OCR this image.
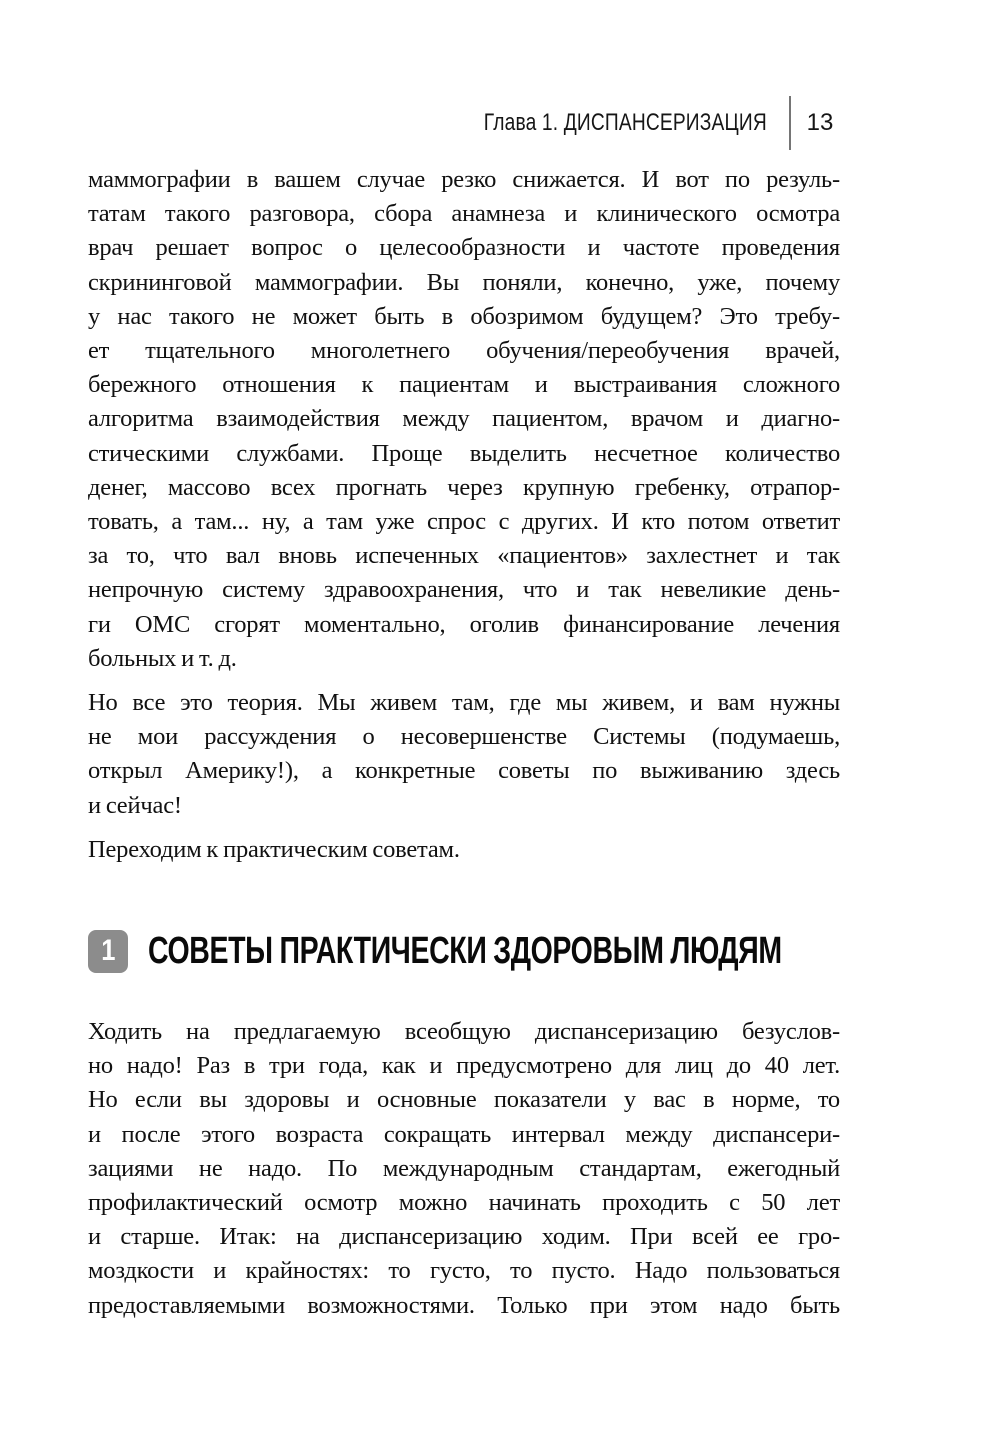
Глава 1. ДИСПАНСЕРИЗАЦИЯ	13
маммографии в вашем случае резко снижается. И вот по резуль-
татам такого разговора, сбора анамнеза и клинического осмотра
врач решает вопрос о целесообразности и частоте проведения
скрининговой маммографии. Вы поняли, конечно, уже, почему
у нас такого не может быть в обозримом будущем? Это требу-
ет тщательного многолетнего обучения/переобучения врачей,
бережного отношения к пациентам и выстраивания сложного
алгоритма взаимодействия между пациентом, врачом и диагно-
стическими службами. Проще выделить несчетное количество
денег, массово всех прогнать через крупную гребенку, отрапор-
товать, а там... ну, а там уже спрос с других. И кто потом ответит
за то, что вал вновь испеченных «пациентов» захлестнет и так
непрочную систему здравоохранения, что и так невеликие день-
ги ОМС сгорят моментально, оголив финансирование лечения
больных и т. д.
Но все это теория. Мы живем там, где мы живем, и вам нужны
не мои рассуждения о несовершенстве Системы (подумаешь,
открыл Америку!), а конкретные советы по выживанию здесь
и сейчас!
Переходим к практическим советам.
1 СОВЕТЫ ПРАКТИЧЕСКИ ЗДОРОВЫМ ЛЮДЯМ
Ходить на предлагаемую всеобщую диспансеризацию безуслов-
но надо! Раз в три года, как и предусмотрено для лиц до 40 лет.
Но если вы здоровы и основные показатели у вас в норме, то
и после этого возраста сокращать интервал между диспансери-
зациями не надо. По международным стандартам, ежегодный
профилактический осмотр можно начинать проходить с 50 лет
и старше. Итак: на диспансеризацию ходим. При всей ее гро-
моздкости и крайностях: то густо, то пусто. Надо пользоваться
предоставляемыми возможностями. Только при этом надо быть
